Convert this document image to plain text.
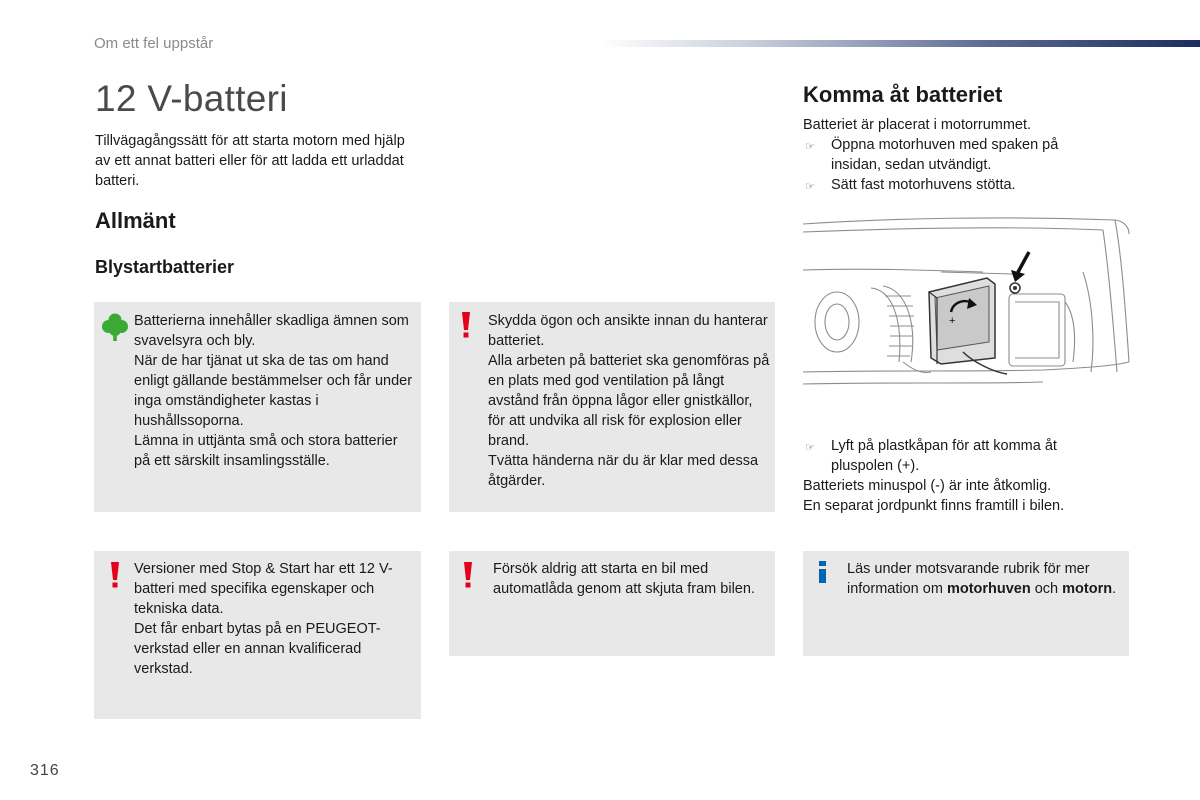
Om ett fel uppstår
12 V-batteri
Tillvägagångssätt för att starta motorn med hjälp av ett annat batteri eller för att ladda ett urladdat batteri.
Allmänt
Blystartbatterier

Batterierna innehåller skadliga ämnen som svavelsyra och bly.

När de har tjänat ut ska de tas om hand enligt gällande bestämmelser och får under inga omständigheter kastas i hushållssoporna.

Lämna in uttjänta små och stora batterier på ett särskilt insamlingsställe.

Skydda ögon och ansikte innan du hanterar batteriet.

Alla arbeten på batteriet ska genomföras på en plats med god ventilation på långt avstånd från öppna lågor eller gnistkällor, för att undvika all risk för explosion eller brand.

Tvätta händerna när du är klar med dessa åtgärder.

Versioner med Stop & Start har ett 12 V-batteri med specifika egenskaper och tekniska data.

Det får enbart bytas på en PEUGEOT-verkstad eller en annan kvalificerad verkstad.

Försök aldrig att starta en bil med automatlåda genom att skjuta fram bilen.

Läs under motsvarande rubrik för mer information om motorhuven och motorn.

Komma åt batteriet

Batteriet är placerat i motorrummet.

☞ Öppna motorhuven med spaken på insidan, sedan utvändigt.

☞ Sätt fast motorhuvens stötta.

+

☞ Lyft på plastkåpan för att komma åt pluspolen (+).

Batteriets minuspol (-) är inte åtkomlig.

En separat jordpunkt finns framtill i bilen.

316
